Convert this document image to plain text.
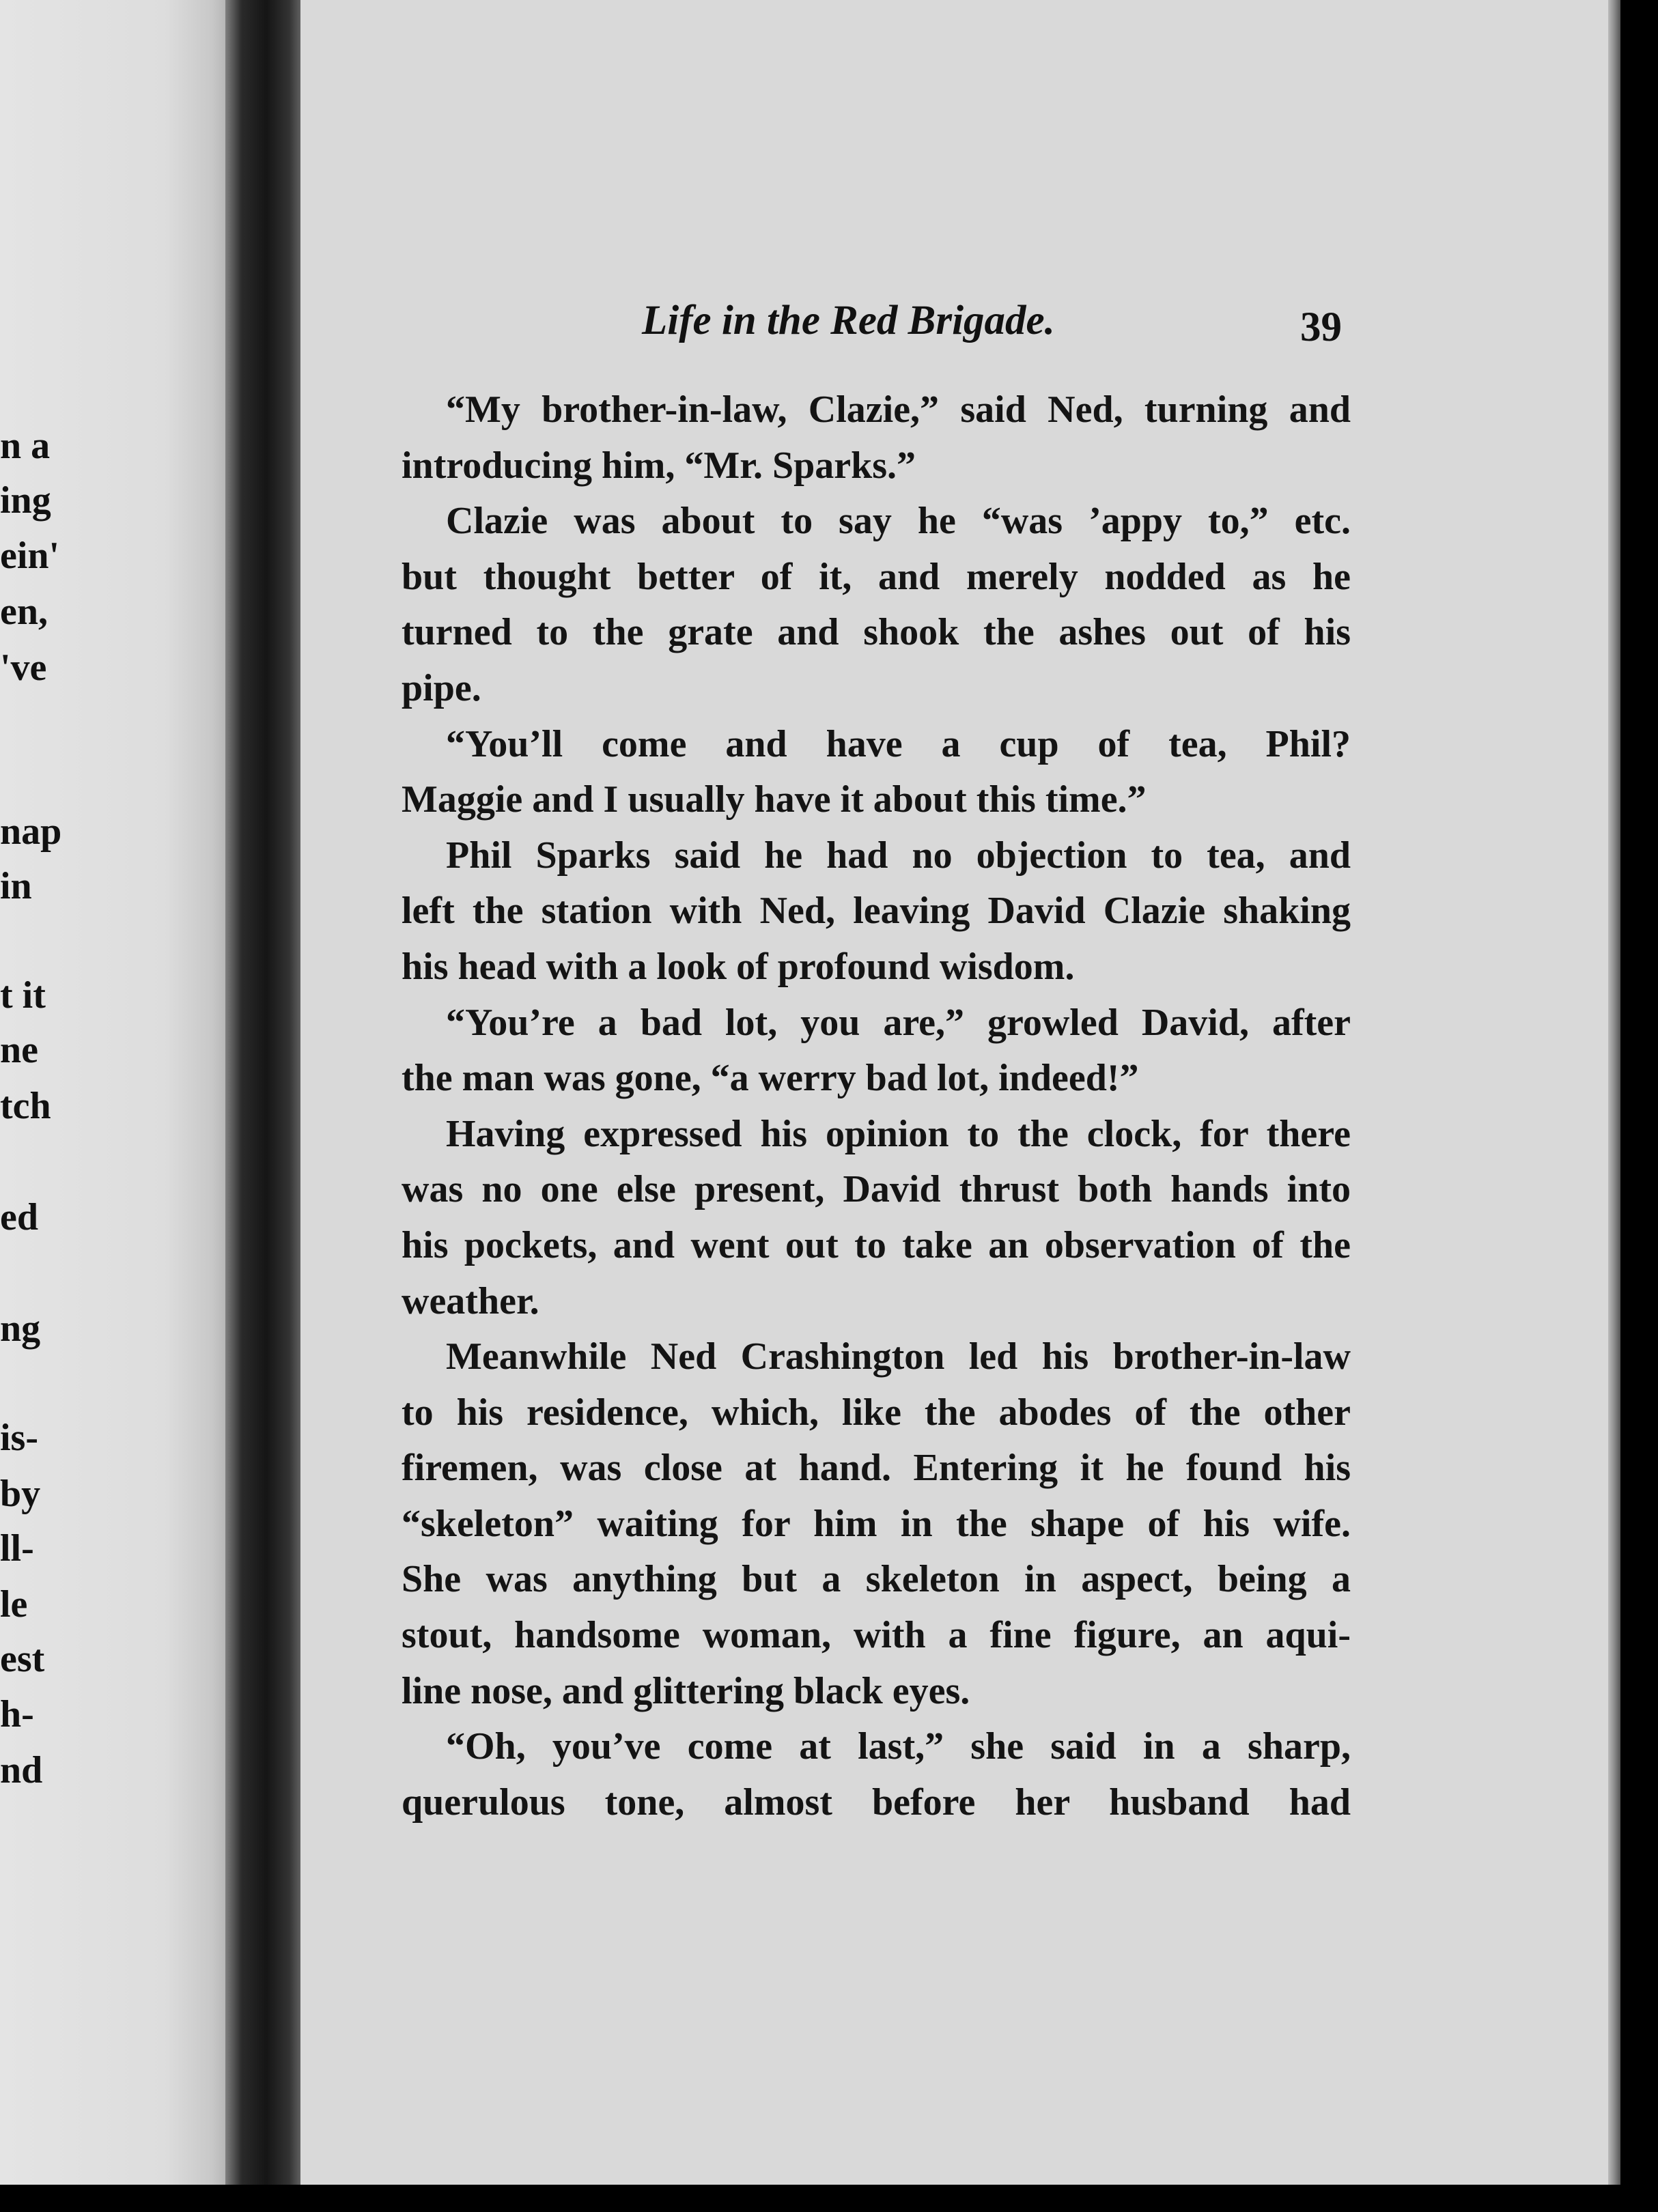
n a
ing
ein'
en,
've
nap
in
t it
ne
tch
ed
ng
is-
by
ll-
le
est
h-
nd
Life in the Red Brigade.	39
“My brother-in-law, Clazie,” said Ned, turning and
introducing him, “Mr. Sparks.”
Clazie was about to say he “was ’appy to,” etc.
but thought better of it, and merely nodded as he
turned to the grate and shook the ashes out of his
pipe.
“You’ll come and have a cup of tea, Phil?
Maggie and I usually have it about this time.”
Phil Sparks said he had no objection to tea, and
left the station with Ned, leaving David Clazie shaking
his head with a look of profound wisdom.
“You’re a bad lot, you are,” growled David, after
the man was gone, “a werry bad lot, indeed!”
Having expressed his opinion to the clock, for there
was no one else present, David thrust both hands into
his pockets, and went out to take an observation of the
weather.
Meanwhile Ned Crashington led his brother-in-law
to his residence, which, like the abodes of the other
firemen, was close at hand. Entering it he found his
“skeleton” waiting for him in the shape of his wife.
She was anything but a skeleton in aspect, being a
stout, handsome woman, with a fine figure, an aqui-
line nose, and glittering black eyes.
“Oh, you’ve come at last,” she said in a sharp,
querulous tone, almost before her husband had
